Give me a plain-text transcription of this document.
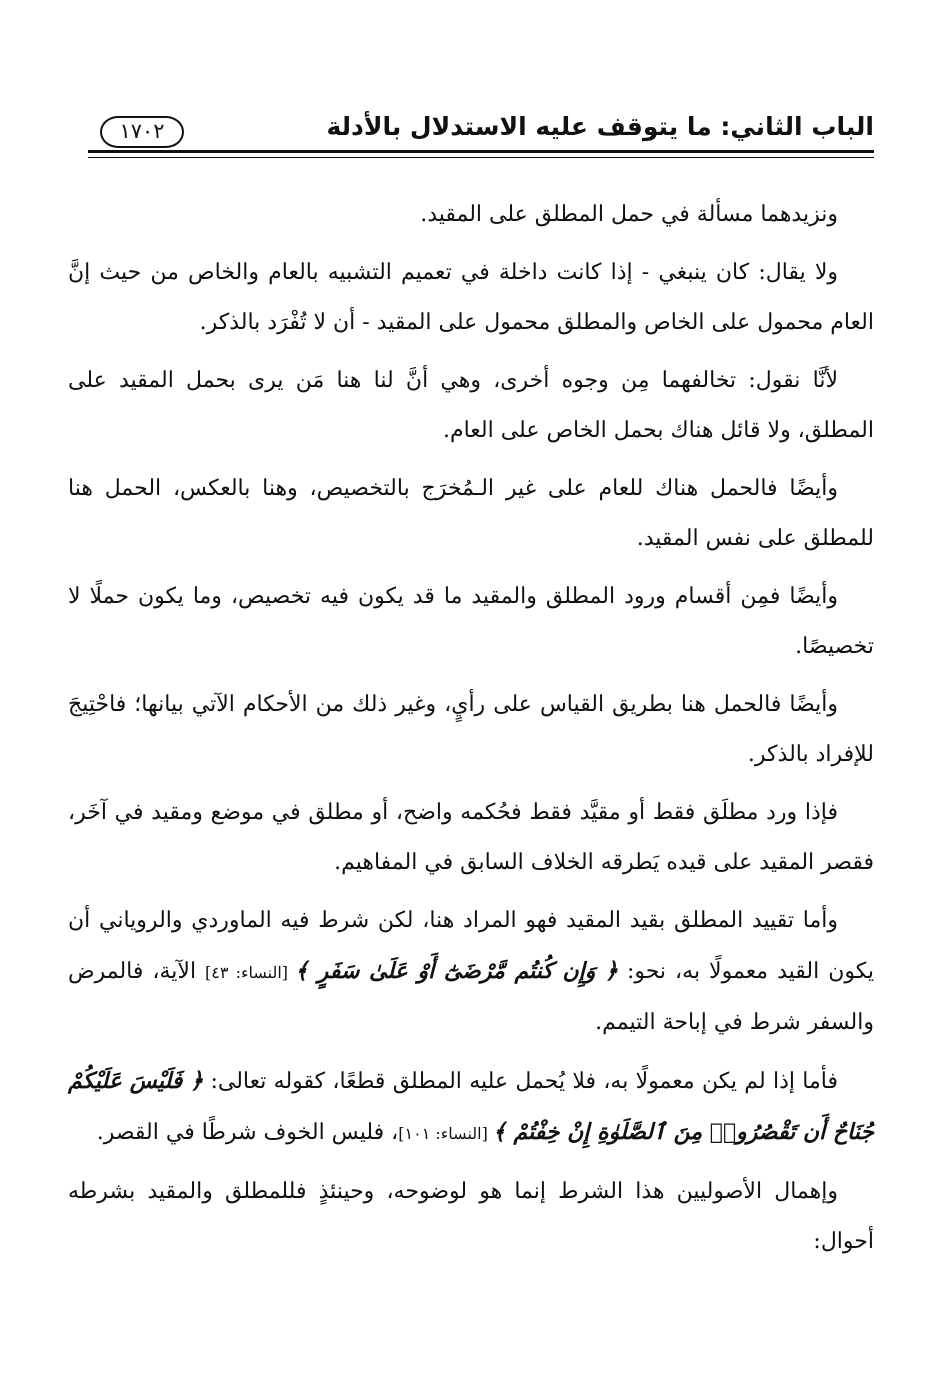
الباب الثاني: ما يتوقف عليه الاستدلال بالأدلة
١٧٠٢

ونزيدهما مسألة في حمل المطلق على المقيد.

ولا يقال: كان ينبغي - إذا كانت داخلة في تعميم التشبيه بالعام والخاص من حيث إنَّ العام محمول على الخاص والمطلق محمول على المقيد - أن لا تُفْرَد بالذكر.

لأنَّا نقول: تخالفهما مِن وجوه أخرى، وهي أنَّ لنا هنا مَن يرى بحمل المقيد على المطلق، ولا قائل هناك بحمل الخاص على العام.

وأيضًا فالحمل هناك للعام على غير الـمُخرَج بالتخصيص، وهنا بالعكس، الحمل هنا للمطلق على نفس المقيد.

وأيضًا فمِن أقسام ورود المطلق والمقيد ما قد يكون فيه تخصيص، وما يكون حملًا لا تخصيصًا.

وأيضًا فالحمل هنا بطريق القياس على رأيٍ، وغير ذلك من الأحكام الآتي بيانها؛ فاحْتِيجَ للإفراد بالذكر.

فإذا ورد مطلَق فقط أو مقيَّد فقط فحُكمه واضح، أو مطلق في موضع ومقيد في آخَر، فقصر المقيد على قيده يَطرقه الخلاف السابق في المفاهيم.

وأما تقييد المطلق بقيد المقيد فهو المراد هنا، لكن شرط فيه الماوردي والروياني أن يكون القيد معمولًا به، نحو: ﴿ وَإِن كُنتُم مَّرْضَىٰٓ أَوْ عَلَىٰ سَفَرٍ ﴾ [النساء: ٤٣] الآية، فالمرض والسفر شرط في إباحة التيمم.

فأما إذا لم يكن معمولًا به، فلا يُحمل عليه المطلق قطعًا، كقوله تعالى: ﴿ فَلَيْسَ عَلَيْكُمْ جُنَاحٌ أَن تَقْصُرُوا۟ مِنَ ٱلصَّلَوٰةِ إِنْ خِفْتُمْ ﴾ [النساء: ١٠١]، فليس الخوف شرطًا في القصر.

وإهمال الأصوليين هذا الشرط إنما هو لوضوحه، وحينئذٍ فللمطلق والمقيد بشرطه أحوال:
